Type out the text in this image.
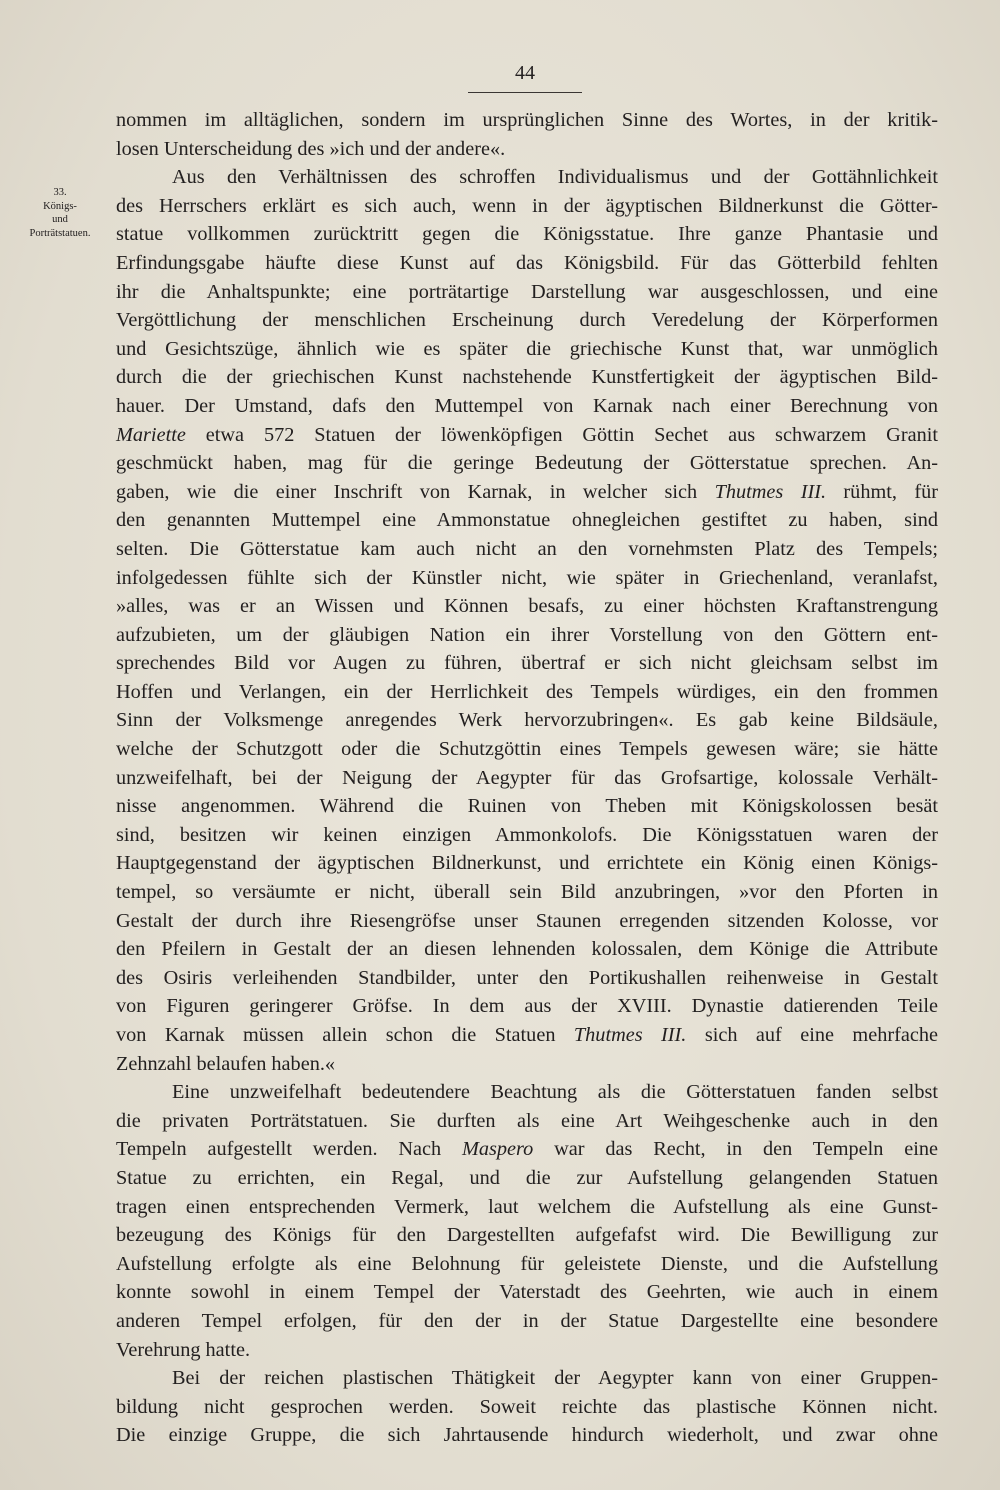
44
33.
Königs-
und
Porträtstatuen.

nommen im alltäglichen, sondern im ursprünglichen Sinne des Wortes, in der kritik-
losen Unterscheidung des »ich und der andere«.

Aus den Verhältnissen des schroffen Individualismus und der Gottähnlichkeit
des Herrschers erklärt es sich auch, wenn in der ägyptischen Bildnerkunst die Götter-
statue vollkommen zurücktritt gegen die Königsstatue. Ihre ganze Phantasie und
Erfindungsgabe häufte diese Kunst auf das Königsbild. Für das Götterbild fehlten
ihr die Anhaltspunkte; eine porträtartige Darstellung war ausgeschlossen, und eine
Vergöttlichung der menschlichen Erscheinung durch Veredelung der Körperformen
und Gesichtszüge, ähnlich wie es später die griechische Kunst that, war unmöglich
durch die der griechischen Kunst nachstehende Kunstfertigkeit der ägyptischen Bild-
hauer. Der Umstand, dafs den Muttempel von Karnak nach einer Berechnung von
Mariette etwa 572 Statuen der löwenköpfigen Göttin Sechet aus schwarzem Granit
geschmückt haben, mag für die geringe Bedeutung der Götterstatue sprechen. An-
gaben, wie die einer Inschrift von Karnak, in welcher sich Thutmes III. rühmt, für
den genannten Muttempel eine Ammonstatue ohnegleichen gestiftet zu haben, sind
selten. Die Götterstatue kam auch nicht an den vornehmsten Platz des Tempels;
infolgedessen fühlte sich der Künstler nicht, wie später in Griechenland, veranlafst,
»alles, was er an Wissen und Können besafs, zu einer höchsten Kraftanstrengung
aufzubieten, um der gläubigen Nation ein ihrer Vorstellung von den Göttern ent-
sprechendes Bild vor Augen zu führen, übertraf er sich nicht gleichsam selbst im
Hoffen und Verlangen, ein der Herrlichkeit des Tempels würdiges, ein den frommen
Sinn der Volksmenge anregendes Werk hervorzubringen«. Es gab keine Bildsäule,
welche der Schutzgott oder die Schutzgöttin eines Tempels gewesen wäre; sie hätte
unzweifelhaft, bei der Neigung der Aegypter für das Grofsartige, kolossale Verhält-
nisse angenommen. Während die Ruinen von Theben mit Königskolossen besät
sind, besitzen wir keinen einzigen Ammonkolofs. Die Königsstatuen waren der
Hauptgegenstand der ägyptischen Bildnerkunst, und errichtete ein König einen Königs-
tempel, so versäumte er nicht, überall sein Bild anzubringen, »vor den Pforten in
Gestalt der durch ihre Riesengröfse unser Staunen erregenden sitzenden Kolosse, vor
den Pfeilern in Gestalt der an diesen lehnenden kolossalen, dem Könige die Attribute
des Osiris verleihenden Standbilder, unter den Portikushallen reihenweise in Gestalt
von Figuren geringerer Gröfse. In dem aus der XVIII. Dynastie datierenden Teile
von Karnak müssen allein schon die Statuen Thutmes III. sich auf eine mehrfache
Zehnzahl belaufen haben.«

Eine unzweifelhaft bedeutendere Beachtung als die Götterstatuen fanden selbst
die privaten Porträtstatuen. Sie durften als eine Art Weihgeschenke auch in den
Tempeln aufgestellt werden. Nach Maspero war das Recht, in den Tempeln eine
Statue zu errichten, ein Regal, und die zur Aufstellung gelangenden Statuen
tragen einen entsprechenden Vermerk, laut welchem die Aufstellung als eine Gunst-
bezeugung des Königs für den Dargestellten aufgefafst wird. Die Bewilligung zur
Aufstellung erfolgte als eine Belohnung für geleistete Dienste, und die Aufstellung
konnte sowohl in einem Tempel der Vaterstadt des Geehrten, wie auch in einem
anderen Tempel erfolgen, für den der in der Statue Dargestellte eine besondere
Verehrung hatte.

Bei der reichen plastischen Thätigkeit der Aegypter kann von einer Gruppen-
bildung nicht gesprochen werden. Soweit reichte das plastische Können nicht.
Die einzige Gruppe, die sich Jahrtausende hindurch wiederholt, und zwar ohne
